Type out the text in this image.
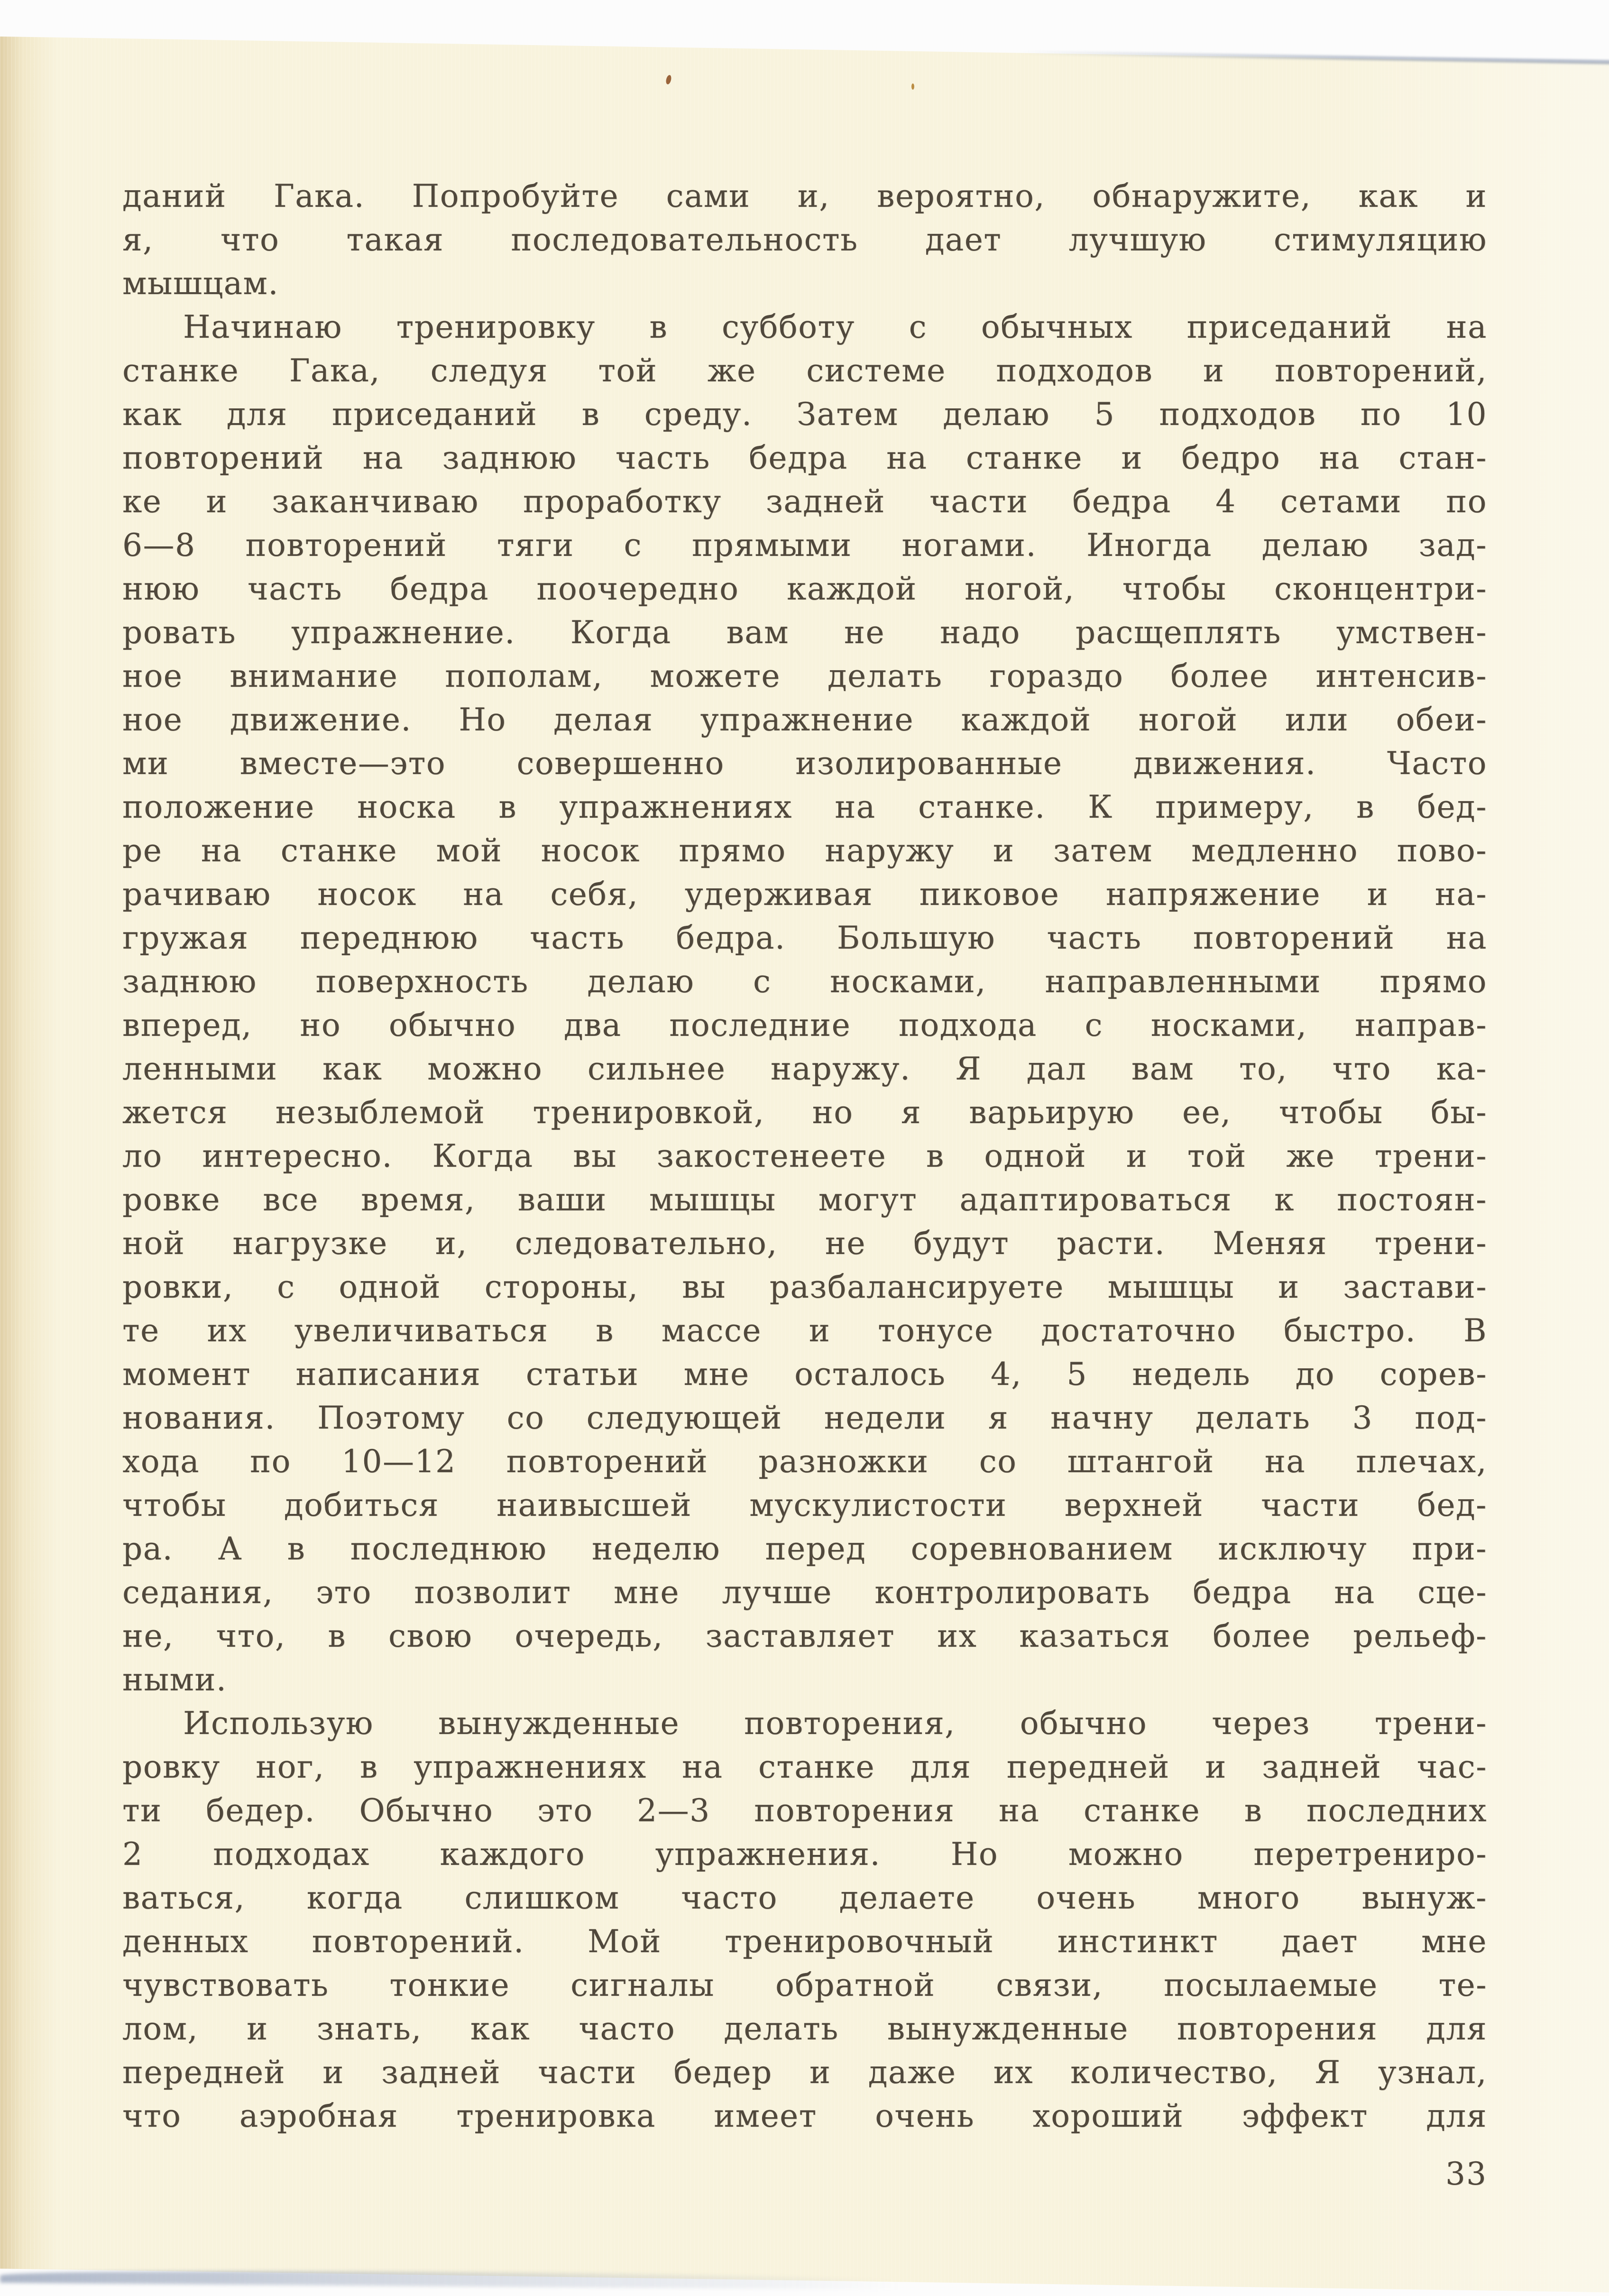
даний Гака. Попробуйте сами и, вероятно, обнаружите, как и
я, что такая последовательность дает лучшую стимуляцию
мышцам.
Начинаю тренировку в субботу с обычных приседаний на
станке Гака, следуя той же системе подходов и повторений,
как для приседаний в среду. Затем делаю 5 подходов по 10
повторений на заднюю часть бедра на станке и бедро на стан-
ке и заканчиваю проработку задней части бедра 4 сетами по
6—8 повторений тяги с прямыми ногами. Иногда делаю зад-
нюю часть бедра поочередно каждой ногой, чтобы сконцентри-
ровать упражнение. Когда вам не надо расщеплять умствен-
ное внимание пополам, можете делать гораздо более интенсив-
ное движение. Но делая упражнение каждой ногой или обеи-
ми вместе—это совершенно изолированные движения. Часто
положение носка в упражнениях на станке. К примеру, в бед-
ре на станке мой носок прямо наружу и затем медленно пово-
рачиваю носок на себя, удерживая пиковое напряжение и на-
гружая переднюю часть бедра. Большую часть повторений на
заднюю поверхность делаю с носками, направленными прямо
вперед, но обычно два последние подхода с носками, направ-
ленными как можно сильнее наружу. Я дал вам то, что ка-
жется незыблемой тренировкой, но я варьирую ее, чтобы бы-
ло интересно. Когда вы закостенеете в одной и той же трени-
ровке все время, ваши мышцы могут адаптироваться к постоян-
ной нагрузке и, следовательно, не будут расти. Меняя трени-
ровки, с одной стороны, вы разбалансируете мышцы и застави-
те их увеличиваться в массе и тонусе достаточно быстро. В
момент написания статьи мне осталось 4, 5 недель до сорев-
нования. Поэтому со следующей недели я начну делать 3 под-
хода по 10—12 повторений разножки со штангой на плечах,
чтобы добиться наивысшей мускулистости верхней части бед-
ра. А в последнюю неделю перед соревнованием исключу при-
седания, это позволит мне лучше контролировать бедра на сце-
не, что, в свою очередь, заставляет их казаться более рельеф-
ными.
Использую вынужденные повторения, обычно через трени-
ровку ног, в упражнениях на станке для передней и задней час-
ти бедер. Обычно это 2—3 повторения на станке в последних
2 подходах каждого упражнения. Но можно перетрениро-
ваться, когда слишком часто делаете очень много вынуж-
денных повторений. Мой тренировочный инстинкт дает мне
чувствовать тонкие сигналы обратной связи, посылаемые те-
лом, и знать, как часто делать вынужденные повторения для
передней и задней части бедер и даже их количество, Я узнал,
что аэробная тренировка имеет очень хороший эффект для
33
